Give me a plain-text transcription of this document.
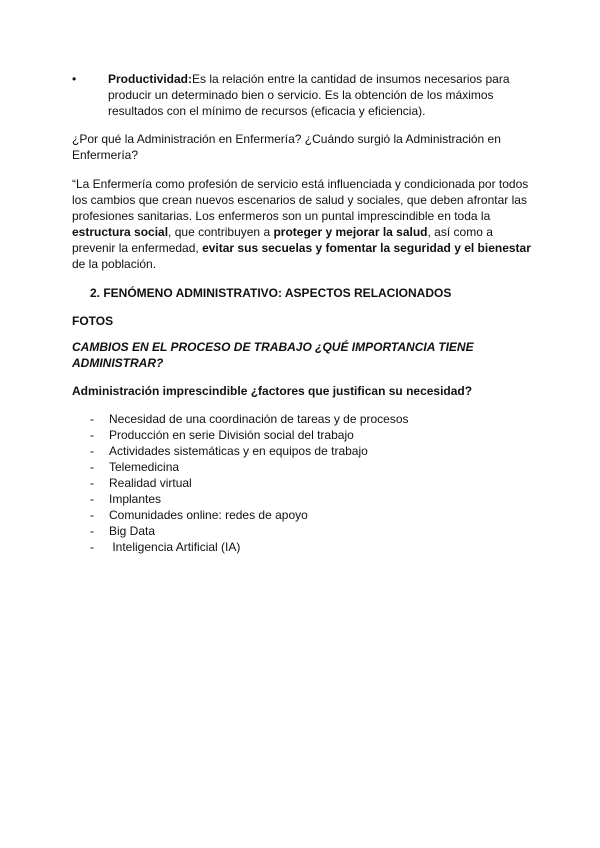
•	Productividad:Es la relación entre la cantidad de insumos necesarios para producir un determinado bien o servicio. Es la obtención de los máximos resultados con el mínimo de recursos (eficacia y eficiencia).
¿Por qué la Administración en Enfermería? ¿Cuándo surgió la Administración en Enfermería?
“La Enfermería como profesión de servicio está influenciada y condicionada por todos los cambios que crean nuevos escenarios de salud y sociales, que deben afrontar las profesiones sanitarias. Los enfermeros son un puntal imprescindible en toda la estructura social, que contribuyen a proteger y mejorar la salud, así como a prevenir la enfermedad, evitar sus secuelas y fomentar la seguridad y el bienestar de la población.
2. FENÓMENO ADMINISTRATIVO: ASPECTOS RELACIONADOS
FOTOS
CAMBIOS EN EL PROCESO DE TRABAJO ¿QUÉ IMPORTANCIA TIENE ADMINISTRAR?
Administración imprescindible ¿factores que justifican su necesidad?
- Necesidad de una coordinación de tareas y de procesos
- Producción en serie División social del trabajo
- Actividades sistemáticas y en equipos de trabajo
- Telemedicina
- Realidad virtual
- Implantes
- Comunidades online: redes de apoyo
- Big Data
- Inteligencia Artificial (IA)
